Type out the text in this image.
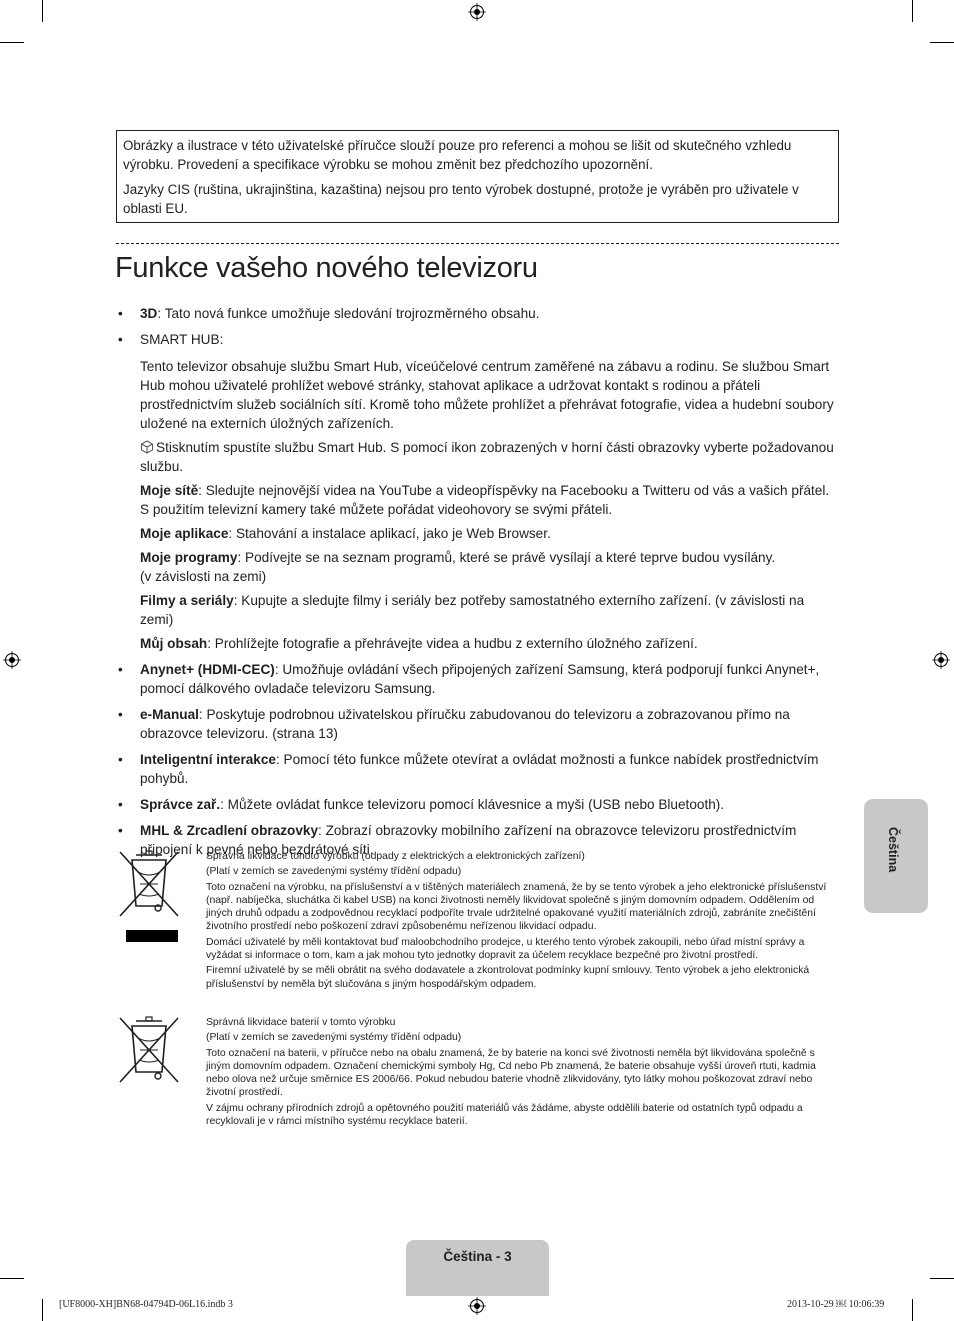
Obrázky a ilustrace v této uživatelské příručce slouží pouze pro referenci a mohou se lišit od skutečného vzhledu výrobku. Provedení a specifikace výrobku se mohou změnit bez předchozího upozornění.

Jazyky CIS (ruština, ukrajinština, kazaština) nejsou pro tento výrobek dostupné, protože je vyráběn pro uživatele v oblasti EU.

Funkce vašeho nového televizoru
• 3D: Tato nová funkce umožňuje sledování trojrozměrného obsahu.
• SMART HUB:

Tento televizor obsahuje službu Smart Hub, víceúčelové centrum zaměřené na zábavu a rodinu. Se službou Smart Hub mohou uživatelé prohlížet webové stránky, stahovat aplikace a udržovat kontakt s rodinou a přáteli prostřednictvím služeb sociálních sítí. Kromě toho můžete prohlížet a přehrávat fotografie, videa a hudební soubory uložené na externích úložných zařízeních.

Stisknutím spustíte službu Smart Hub. S pomocí ikon zobrazených v horní části obrazovky vyberte požadovanou službu.

Moje sítě: Sledujte nejnovější videa na YouTube a videopříspěvky na Facebooku a Twitteru od vás a vašich přátel. S použitím televizní kamery také můžete pořádat videohovory se svými přáteli.

Moje aplikace: Stahování a instalace aplikací, jako je Web Browser.

Moje programy: Podívejte se na seznam programů, které se právě vysílají a které teprve budou vysílány.
(v závislosti na zemi)

Filmy a seriály: Kupujte a sledujte filmy i seriály bez potřeby samostatného externího zařízení. (v závislosti na zemi)

Můj obsah: Prohlížejte fotografie a přehrávejte videa a hudbu z externího úložného zařízení.

• Anynet+ (HDMI-CEC): Umožňuje ovládání všech připojených zařízení Samsung, která podporují funkci Anynet+, pomocí dálkového ovladače televizoru Samsung.
• e-Manual: Poskytuje podrobnou uživatelskou příručku zabudovanou do televizoru a zobrazovanou přímo na obrazovce televizoru. (strana 13)
• Inteligentní interakce: Pomocí této funkce můžete otevírat a ovládat možnosti a funkce nabídek prostřednictvím pohybů.
• Správce zař.: Můžete ovládat funkce televizoru pomocí klávesnice a myši (USB nebo Bluetooth).
• MHL & Zrcadlení obrazovky: Zobrazí obrazovky mobilního zařízení na obrazovce televizoru prostřednictvím připojení k pevné nebo bezdrátové síti.

Správná likvidace tohoto výrobku (odpady z elektrických a elektronických zařízení)

(Platí v zemích se zavedenými systémy třídění odpadu)

Toto označení na výrobku, na příslušenství a v tištěných materiálech znamená, že by se tento výrobek a jeho elektronické příslušenství (např. nabíječka, sluchátka či kabel USB) na konci životnosti neměly likvidovat společně s jiným domovním odpadem. Oddělením od jiných druhů odpadu a zodpovědnou recyklací podpoříte trvale udržitelné opakované využití materiálních zdrojů, zabráníte znečištění životního prostředí nebo poškození zdraví způsobenému neřízenou likvidací odpadu.

Domácí uživatelé by měli kontaktovat buď maloobchodního prodejce, u kterého tento výrobek zakoupili, nebo úřad místní správy a vyžádat si informace o tom, kam a jak mohou tyto jednotky dopravit za účelem recyklace bezpečné pro životní prostředí.

Firemní uživatelé by se měli obrátit na svého dodavatele a zkontrolovat podmínky kupní smlouvy. Tento výrobek a jeho elektronická příslušenství by neměla být slučována s jiným hospodářským odpadem.

Správná likvidace baterií v tomto výrobku

(Platí v zemích se zavedenými systémy třídění odpadu)

Toto označení na baterii, v příručce nebo na obalu znamená, že by baterie na konci své životnosti neměla být likvidována společně s jiným domovním odpadem. Označení chemickými symboly Hg, Cd nebo Pb znamená, že baterie obsahuje vyšší úroveň rtuti, kadmia nebo olova než určuje směrnice ES 2006/66. Pokud nebudou baterie vhodně zlikvidovány, tyto látky mohou poškozovat zdraví nebo životní prostředí.

V zájmu ochrany přírodních zdrojů a opětovného použití materiálů vás žádáme, abyste oddělili baterie od ostatních typů odpadu a recyklovali je v rámci místního systému recyklace baterií.

Čeština
Čeština - 3
[UF8000-XH]BN68-04794D-06L16.indb 3	2013-10-29 ￼ 10:06:39
